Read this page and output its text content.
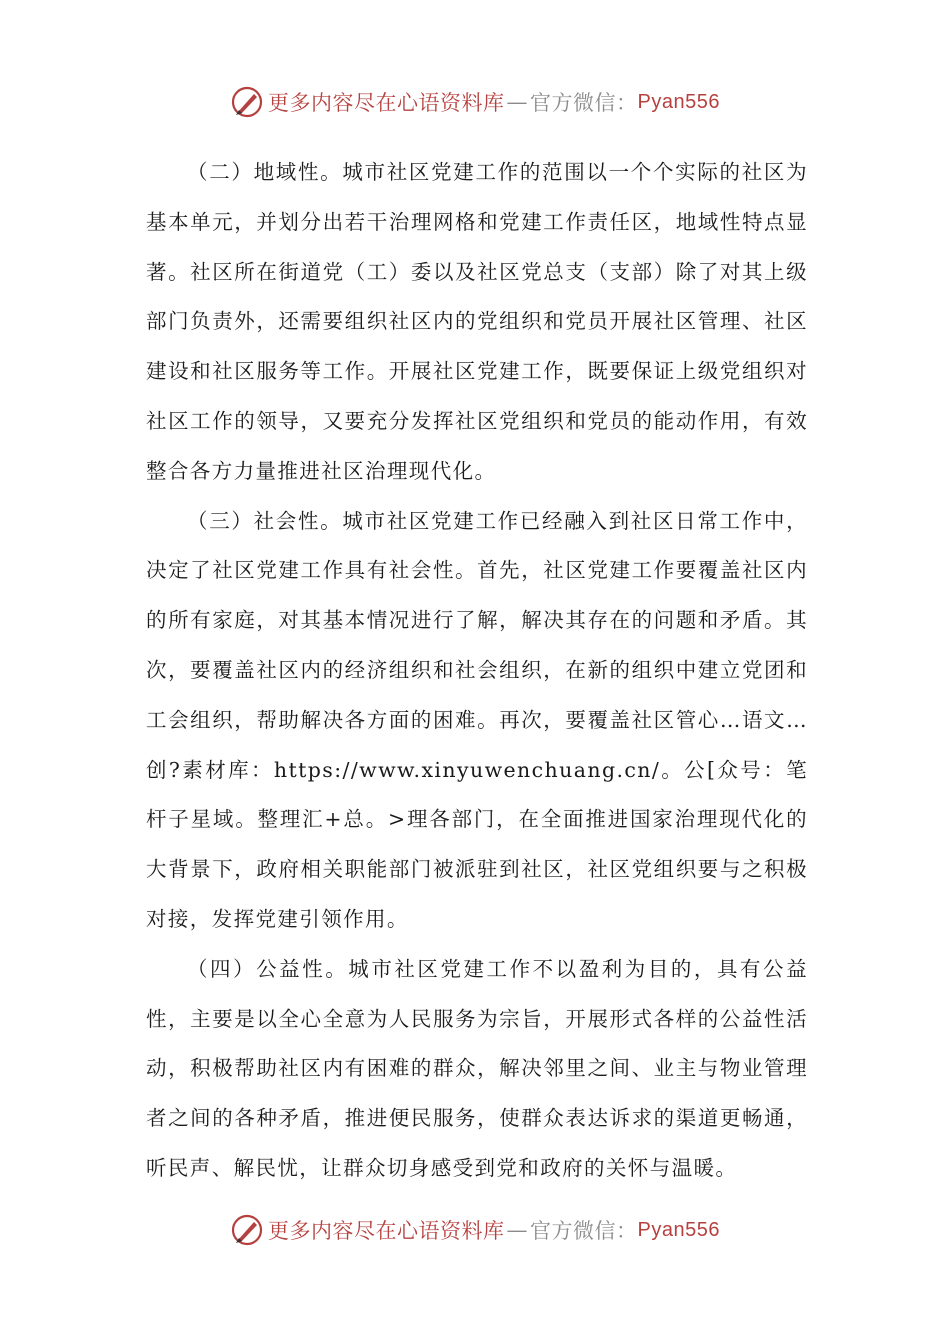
更多内容尽在心语资料库 — 官方微信： Pyan556

（二）地域性。城市社区党建工作的范围以一个个实际的社区为基本单元，并划分出若干治理网格和党建工作责任区，地域性特点显著。社区所在街道党（工）委以及社区党总支（支部）除了对其上级部门负责外，还需要组织社区内的党组织和党员开展社区管理、社区建设和社区服务等工作。开展社区党建工作，既要保证上级党组织对社区工作的领导，又要充分发挥社区党组织和党员的能动作用，有效整合各方力量推进社区治理现代化。

（三）社会性。城市社区党建工作已经融入到社区日常工作中，决定了社区党建工作具有社会性。首先，社区党建工作要覆盖社区内的所有家庭，对其基本情况进行了解，解决其存在的问题和矛盾。其次，要覆盖社区内的经济组织和社会组织，在新的组织中建立党团和工会组织，帮助解决各方面的困难。再次，要覆盖社区管心…语文…创?素材库：https://www.xinyuwenchuang.cn/。公[众号：笔杆子星域。整理汇+总。>理各部门，在全面推进国家治理现代化的大背景下，政府相关职能部门被派驻到社区，社区党组织要与之积极对接，发挥党建引领作用。

（四）公益性。城市社区党建工作不以盈利为目的，具有公益性，主要是以全心全意为人民服务为宗旨，开展形式各样的公益性活动，积极帮助社区内有困难的群众，解决邻里之间、业主与物业管理者之间的各种矛盾，推进便民服务，使群众表达诉求的渠道更畅通，听民声、解民忧，让群众切身感受到党和政府的关怀与温暖。

更多内容尽在心语资料库 — 官方微信： Pyan556
